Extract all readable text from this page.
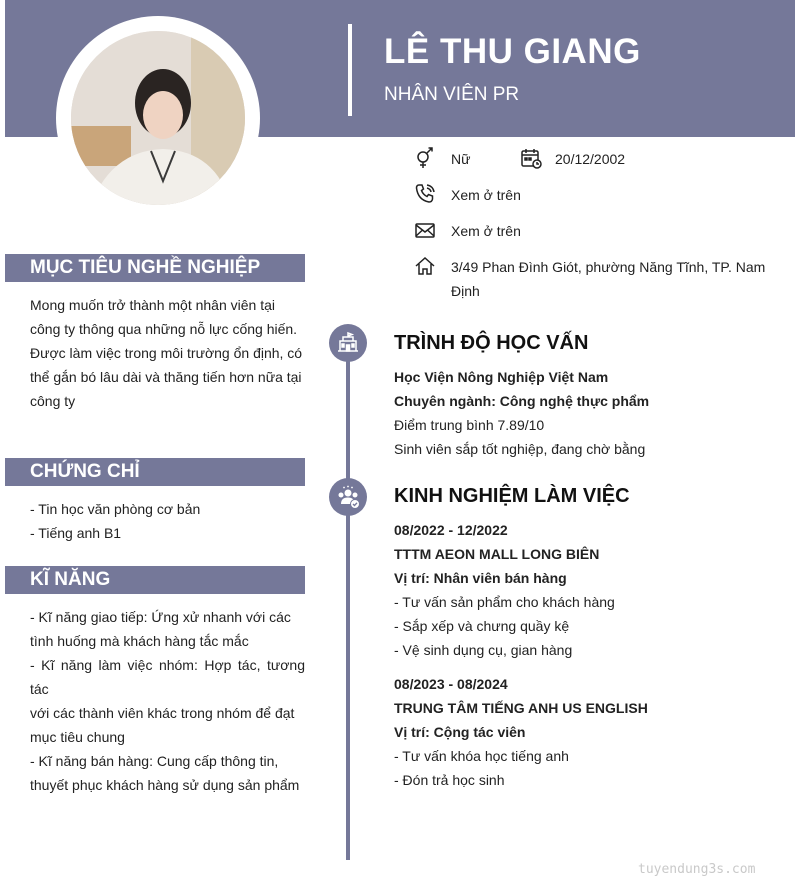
LÊ THU GIANG
NHÂN VIÊN PR
Nữ	20/12/2002
Xem ở trên
Xem ở trên
3/49 Phan Đình Giót, phường Năng Tĩnh, TP. Nam
Định
MỤC TIÊU NGHỀ NGHIỆP
Mong muốn trở thành một nhân viên tại
công ty thông qua những nỗ lực cống hiến.
Được làm việc trong môi trường ổn định, có
thể gắn bó lâu dài và thăng tiến hơn nữa tại
công ty
CHỨNG CHỈ
- Tin học văn phòng cơ bản
- Tiếng anh B1
KĨ NĂNG
- Kĩ năng giao tiếp: Ứng xử nhanh với các
tình huống mà khách hàng tắc mắc
- Kĩ năng làm việc nhóm: Hợp tác, tương tác
với các thành viên khác trong nhóm để đạt
mục tiêu chung
- Kĩ năng bán hàng: Cung cấp thông tin,
thuyết phục khách hàng sử dụng sản phẩm
TRÌNH ĐỘ HỌC VẤN
Học Viện Nông Nghiệp Việt Nam
Chuyên ngành: Công nghệ thực phẩm
Điểm trung bình 7.89/10
Sinh viên sắp tốt nghiệp, đang chờ bằng
KINH NGHIỆM LÀM VIỆC
08/2022 - 12/2022
TTTM AEON MALL LONG BIÊN
Vị trí: Nhân viên bán hàng
- Tư vấn sản phẩm cho khách hàng
- Sắp xếp và chưng quầy kệ
- Vệ sinh dụng cụ, gian hàng
08/2023 - 08/2024
TRUNG TÂM TIẾNG ANH US ENGLISH
Vị trí: Cộng tác viên
- Tư vấn khóa học tiếng anh
- Đón trả học sinh
tuyendung3s.com
